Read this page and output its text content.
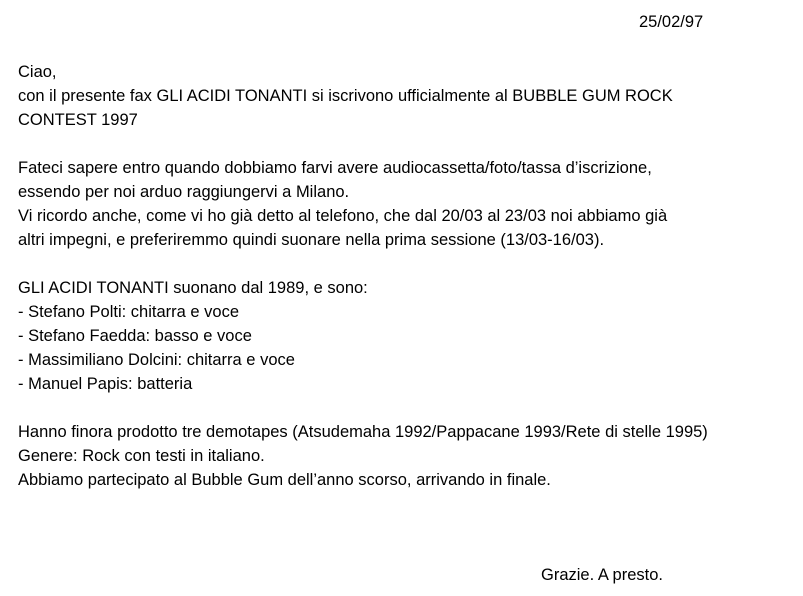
25/02/97
Ciao,
con il presente fax GLI ACIDI TONANTI si iscrivono ufficialmente al BUBBLE GUM ROCK
CONTEST 1997
Fateci sapere entro quando dobbiamo farvi avere audiocassetta/foto/tassa d’iscrizione,
essendo per noi arduo raggiungervi a Milano.
Vi ricordo anche, come vi ho già detto al telefono, che dal 20/03 al 23/03 noi abbiamo già
altri impegni, e preferiremmo quindi suonare nella prima sessione (13/03-16/03).
GLI ACIDI TONANTI suonano dal 1989, e sono:
- Stefano Polti: chitarra e voce
- Stefano Faedda: basso e voce
- Massimiliano Dolcini: chitarra e voce
- Manuel Papis: batteria
Hanno finora prodotto tre demotapes (Atsudemaha 1992/Pappacane 1993/Rete di stelle 1995)
Genere: Rock con testi in italiano.
Abbiamo partecipato al Bubble Gum dell’anno scorso, arrivando in finale.
Grazie. A presto.
